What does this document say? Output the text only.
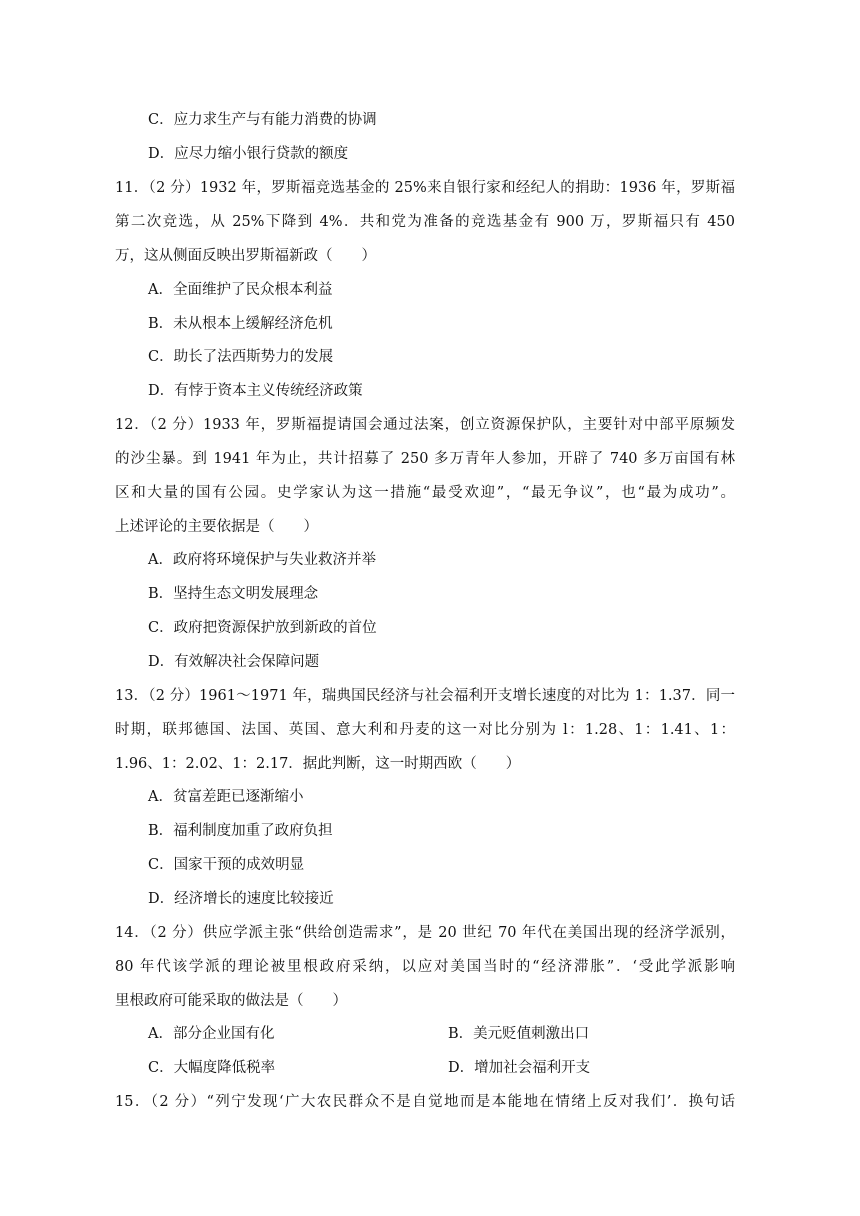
C．应力求生产与有能力消费的协调
D．应尽力缩小银行贷款的额度
11．（2 分）1932 年，罗斯福竞选基金的 25%来自银行家和经纪人的捐助：1936 年，罗斯福
第二次竞选，从 25%下降到 4%．共和党为准备的竞选基金有 900 万，罗斯福只有 450
万，这从侧面反映出罗斯福新政（　　）
A．全面维护了民众根本利益
B．未从根本上缓解经济危机
C．助长了法西斯势力的发展
D．有悖于资本主义传统经济政策
12．（2 分）1933 年，罗斯福提请国会通过法案，创立资源保护队，主要针对中部平原频发
的沙尘暴。到 1941 年为止，共计招募了 250 多万青年人参加，开辟了 740 多万亩国有林
区和大量的国有公园。史学家认为这一措施“最受欢迎”，“最无争议”，也“最为成功”。
上述评论的主要依据是（　　）
A．政府将环境保护与失业救济并举
B．坚持生态文明发展理念
C．政府把资源保护放到新政的首位
D．有效解决社会保障问题
13．（2 分）1961～1971 年，瑞典国民经济与社会福利开支增长速度的对比为 1：1.37．同一
时期，联邦德国、法国、英国、意大利和丹麦的这一对比分别为 l：1.28、1：1.41、1：
1.96、1：2.02、1：2.17．据此判断，这一时期西欧（　　）
A．贫富差距已逐渐缩小
B．福利制度加重了政府负担
C．国家干预的成效明显
D．经济增长的速度比较接近
14．（2 分）供应学派主张“供给创造需求”，是 20 世纪 70 年代在美国出现的经济学派别，
80 年代该学派的理论被里根政府采纳，以应对美国当时的“经济滞胀”．‘受此学派影响
里根政府可能采取的做法是（　　）
A．部分企业国有化	B．美元贬值刺激出口
C．大幅度降低税率	D．增加社会福利开支
15．（2 分）“列宁发现‘广大农民群众不是自觉地而是本能地在情绪上反对我们’．换句话
